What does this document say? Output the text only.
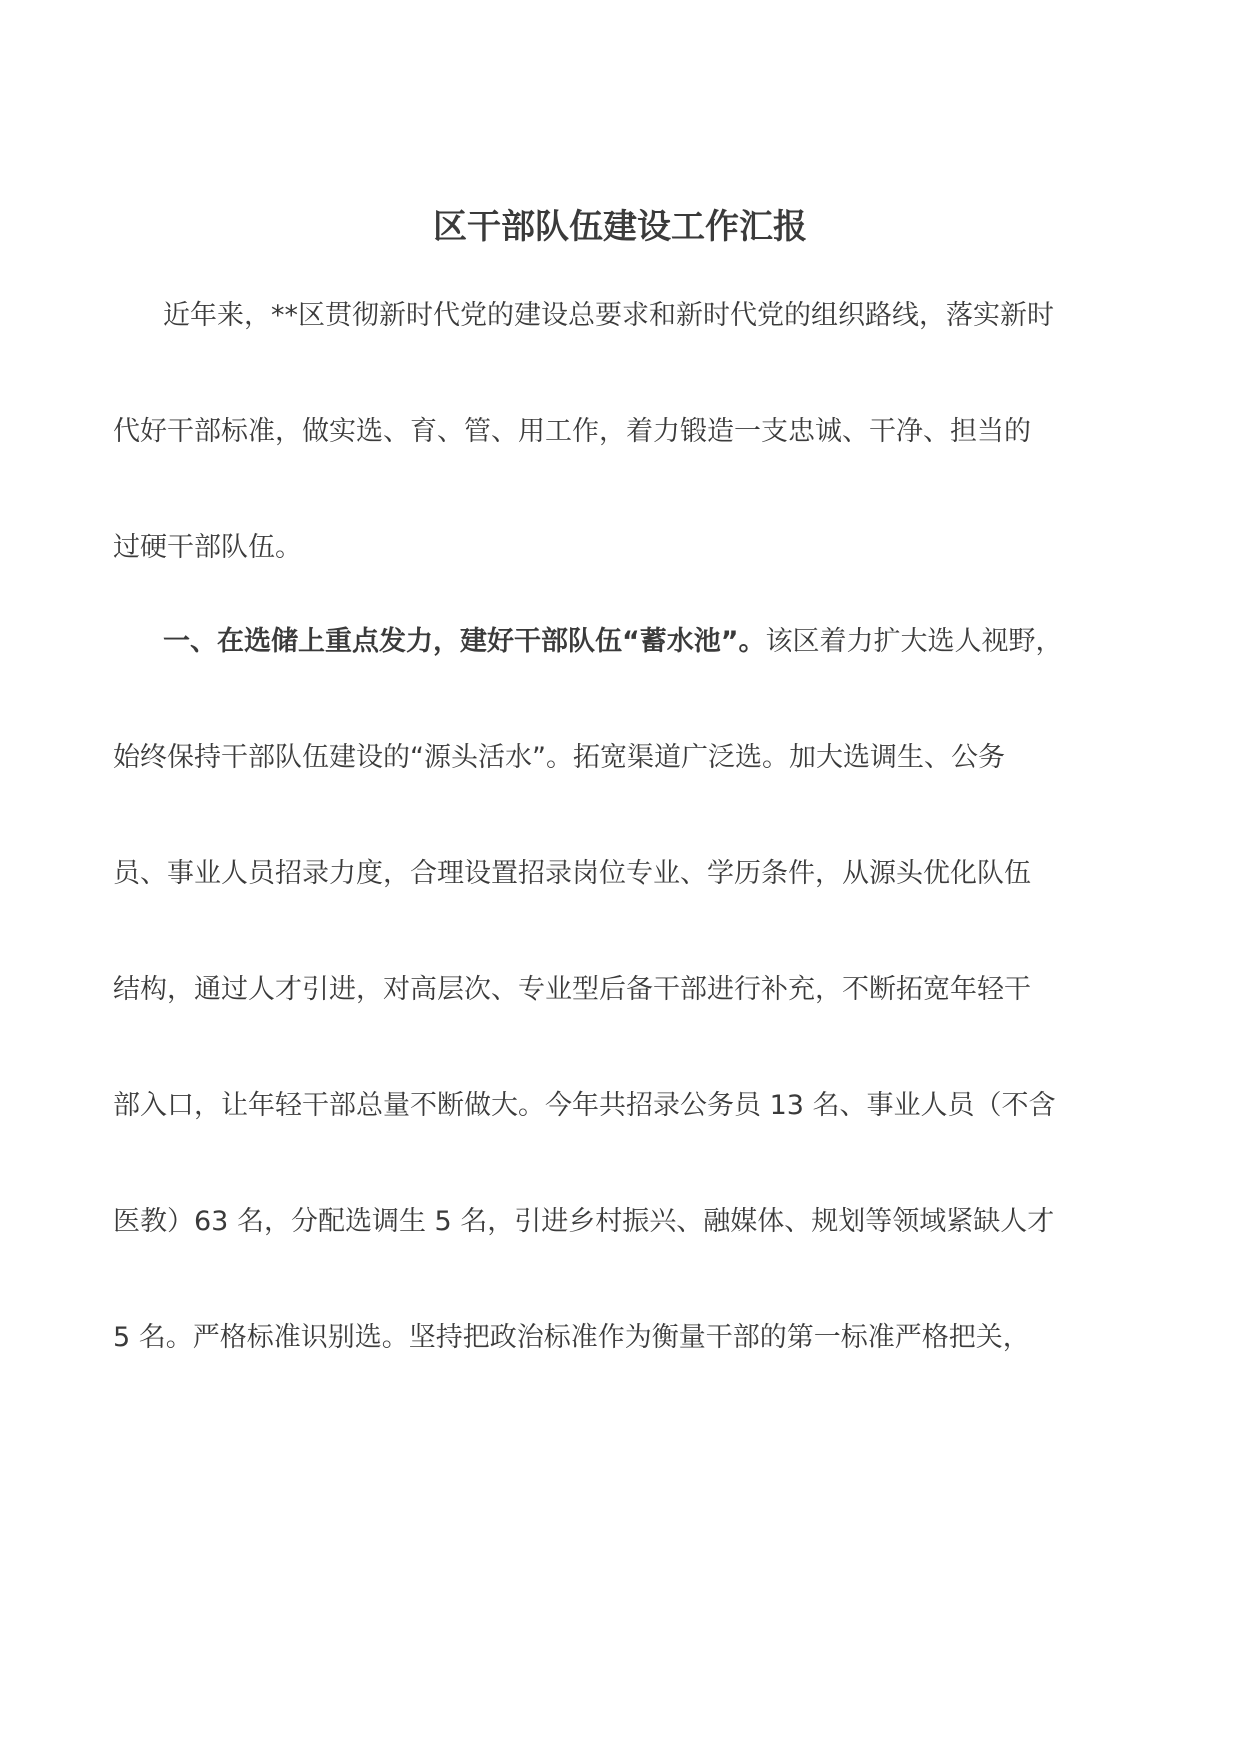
区干部队伍建设工作汇报

近年来，**区贯彻新时代党的建设总要求和新时代党的组织路线，落实新时

代好干部标准，做实选、育、管、用工作，着力锻造一支忠诚、干净、担当的

过硬干部队伍。

一、在选储上重点发力，建好干部队伍“蓄水池”。该区着力扩大选人视野，

始终保持干部队伍建设的“源头活水”。拓宽渠道广泛选。加大选调生、公务

员、事业人员招录力度，合理设置招录岗位专业、学历条件，从源头优化队伍

结构，通过人才引进，对高层次、专业型后备干部进行补充，不断拓宽年轻干

部入口，让年轻干部总量不断做大。今年共招录公务员 13 名、事业人员（不含

医教）63 名，分配选调生 5 名，引进乡村振兴、融媒体、规划等领域紧缺人才

5 名。严格标准识别选。坚持把政治标准作为衡量干部的第一标准严格把关，
